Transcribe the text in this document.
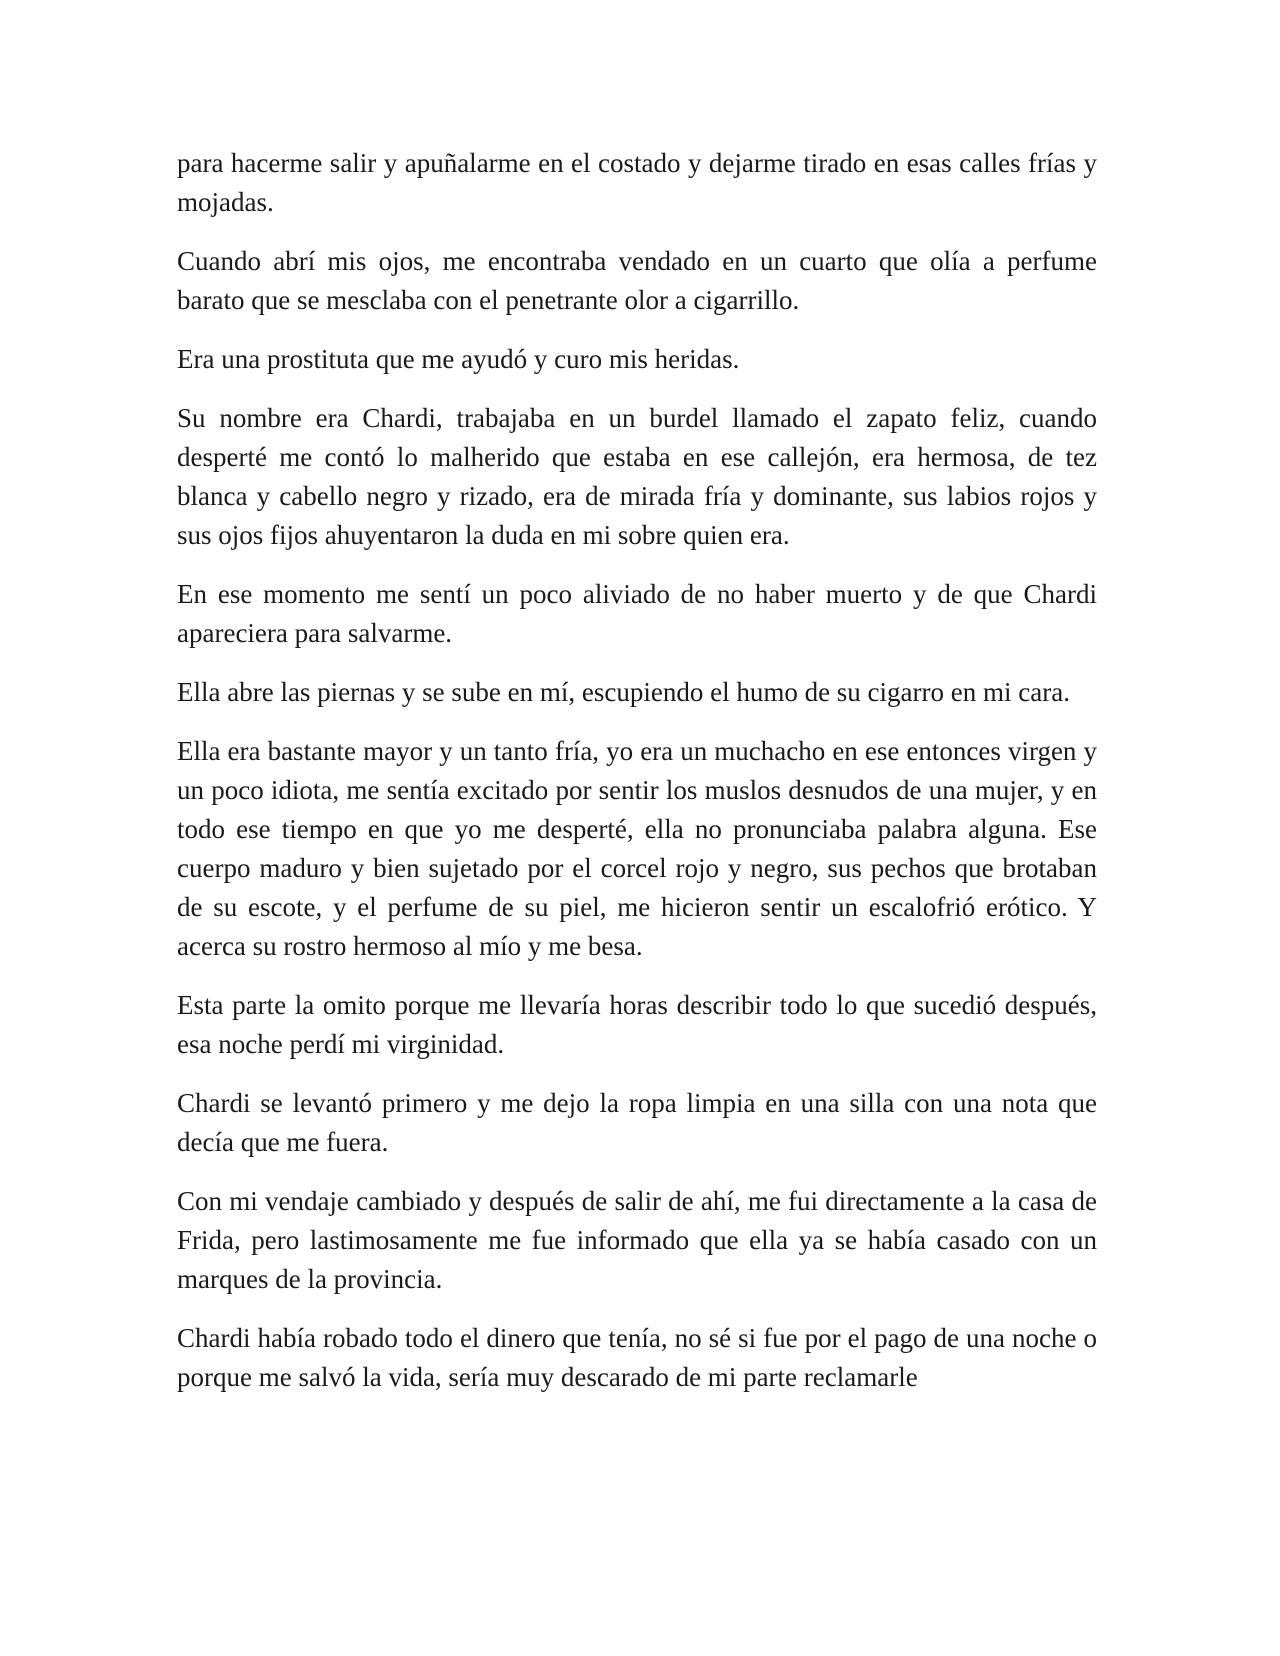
para hacerme salir y apuñalarme en el costado y dejarme tirado en esas calles frías y mojadas.

Cuando abrí mis ojos, me encontraba vendado en un cuarto que olía a perfume barato que se mesclaba con el penetrante olor a cigarrillo.

Era una prostituta que me ayudó y curo mis heridas.

Su nombre era Chardi, trabajaba en un burdel llamado el zapato feliz, cuando desperté me contó lo malherido que estaba en ese callejón, era hermosa, de tez blanca y cabello negro y rizado, era de mirada fría y dominante, sus labios rojos y sus ojos fijos ahuyentaron la duda en mi sobre quien era.

En ese momento me sentí un poco aliviado de no haber muerto y de que Chardi apareciera para salvarme.

Ella abre las piernas y se sube en mí, escupiendo el humo de su cigarro en mi cara.

Ella era bastante mayor y un tanto fría, yo era un muchacho en ese entonces virgen y un poco idiota, me sentía excitado por sentir los muslos desnudos de una mujer, y en todo ese tiempo en que yo me desperté, ella no pronunciaba palabra alguna. Ese cuerpo maduro y bien sujetado por el corcel rojo y negro, sus pechos que brotaban de su escote, y el perfume de su piel, me hicieron sentir un escalofrió erótico. Y acerca su rostro hermoso al mío y me besa.

Esta parte la omito porque me llevaría horas describir todo lo que sucedió después, esa noche perdí mi virginidad.

Chardi se levantó primero y me dejo la ropa limpia en una silla con una nota que decía que me fuera.

Con mi vendaje cambiado y después de salir de ahí, me fui directamente a la casa de Frida, pero lastimosamente me fue informado que ella ya se había casado con un marques de la provincia.

Chardi había robado todo el dinero que tenía, no sé si fue por el pago de una noche o porque me salvó la vida, sería muy descarado de mi parte reclamarle
